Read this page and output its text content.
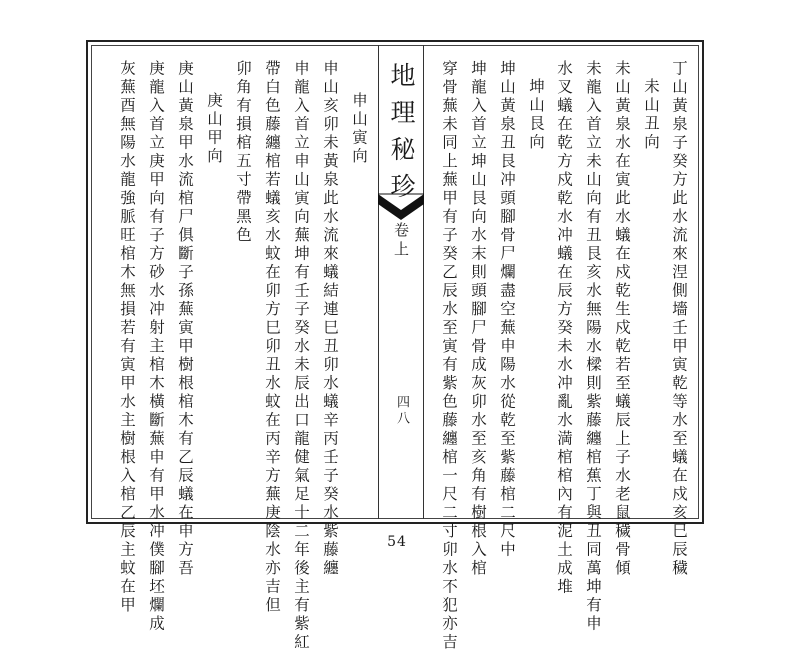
地理秘珍
卷上
四八	丁山黃泉子癸方此水流來𣵀側墻壬甲寅乾等水至蟻在戍亥巳辰穢
未山丑向
未山黃泉水在寅此水蟻在戍乾生戍乾若至蟻辰上子水老鼠穢骨傾
未龍入首立未山向有丑艮亥水無陽水樑則紫藤纏棺蕉丁與丑同萬坤有申
水叉蟻在乾方戍乾水冲蟻在辰方癸未水冲亂水満棺棺內有泥土成堆
坤山艮向
坤山黃泉丑艮冲頭腳骨尸爛盡空蕪申陽水從乾至紫藤棺二尺中
坤龍入首立坤山艮向水末則頭腳尸骨成灰卯水至亥角有樹根入棺
穿骨蕪未同上蕪甲有子癸乙辰水至寅有紫色藤纏棺一尺二寸卯水不犯亦吉
申山寅向
申山亥卯未黃泉此水流來蟻結連巳丑卯水蟻辛丙壬子癸水紫藤纏
申龍入首立申山寅向蕪坤有壬子癸水未辰出口龍健氣足十二年後主有紫紅
帶白色藤纏棺若蟻亥水蚊在卯方巳卯丑水蚊在丙辛方蕪庚陰水亦吉但
卯角有損棺五寸帶黑色
庚山甲向
庚山黃泉甲水流棺尸俱斷子孫蕪寅甲樹根棺木有乙辰蟻在申方吾
庚龍入首立庚甲向有子方砂水冲射主棺木橫斷蕪申有甲水冲僕腳坯爛成
灰蕪酉無陽水龍強脈旺棺木無損若有寅甲水主樹根入棺乙辰主蚊在甲	54
